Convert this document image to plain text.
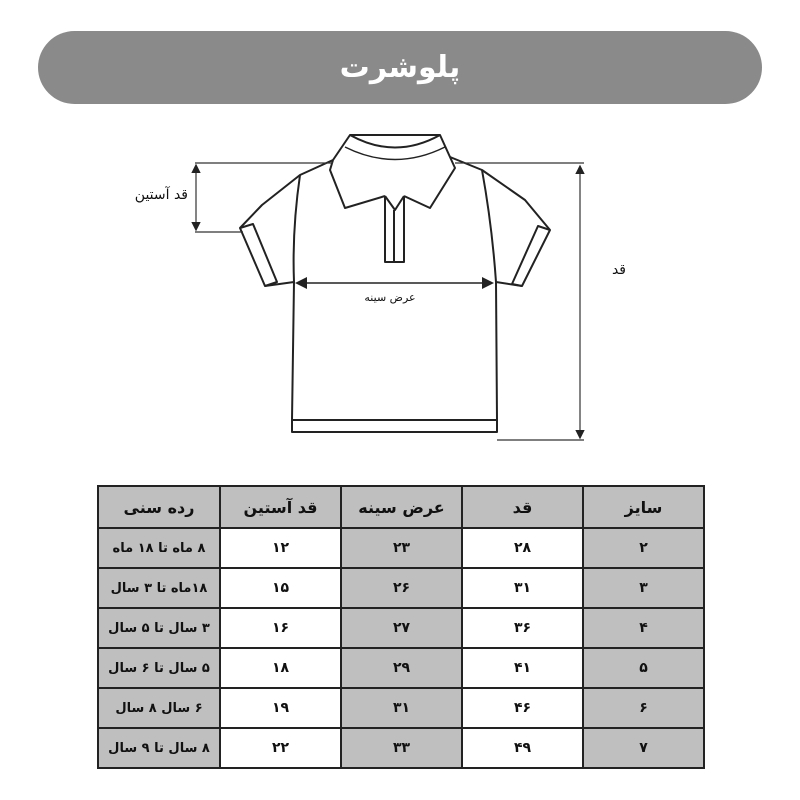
پلوشرت
قد آستین
قد
عرض سینه
سایز	قد	عرض سینه	قد آستین	رده سنی
۲	۲۸	۲۳	۱۲	۸ ماه تا ۱۸ ماه
۳	۳۱	۲۶	۱۵	۱۸ماه تا ۳ سال
۴	۳۶	۲۷	۱۶	۳ سال تا ۵ سال
۵	۴۱	۲۹	۱۸	۵ سال تا ۶ سال
۶	۴۶	۳۱	۱۹	۶ سال ۸ سال
۷	۴۹	۳۳	۲۲	۸ سال تا ۹ سال
